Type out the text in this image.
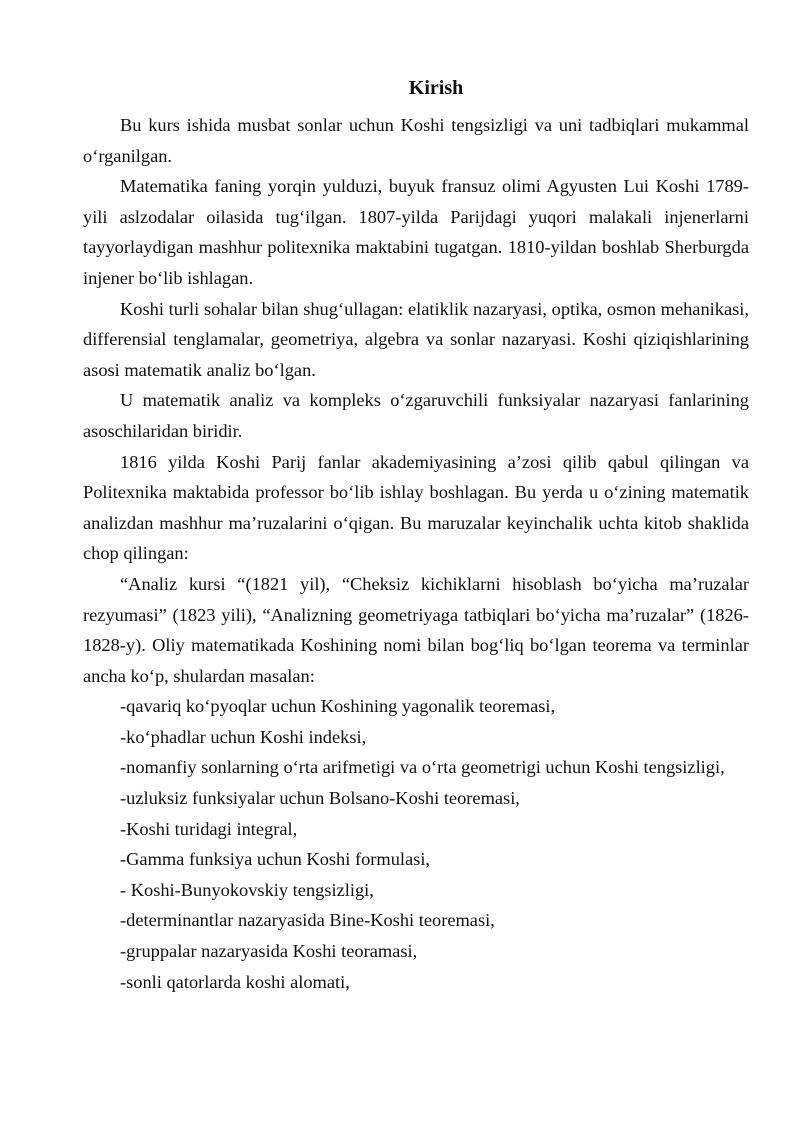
Kirish

Bu kurs ishida musbat sonlar uchun Koshi tengsizligi va uni tadbiqlari mukammal o‘rganilgan.

Matematika faning yorqin yulduzi, buyuk fransuz olimi Agyusten Lui Koshi 1789-yili aslzodalar oilasida tug‘ilgan. 1807-yilda Parijdagi yuqori malakali injenerlarni tayyorlaydigan mashhur politexnika maktabini tugatgan. 1810-yildan boshlab Sherburgda injener bo‘lib ishlagan.

Koshi turli sohalar bilan shug‘ullagan: elatiklik nazaryasi, optika, osmon mehanikasi, differensial tenglamalar, geometriya, algebra va sonlar nazaryasi. Koshi qiziqishlarining asosi matematik analiz bo‘lgan.

U matematik analiz va kompleks o‘zgaruvchili funksiyalar nazaryasi fanlarining asoschilaridan biridir.

1816 yilda Koshi Parij fanlar akademiyasining a’zosi qilib qabul qilingan va Politexnika maktabida professor bo‘lib ishlay boshlagan. Bu yerda u o‘zining matematik analizdan mashhur ma’ruzalarini o‘qigan. Bu maruzalar keyinchalik uchta kitob shaklida chop qilingan:

“Analiz kursi “(1821 yil), “Cheksiz kichiklarni hisoblash bo‘yicha ma’ruzalar rezyumasi” (1823 yili), “Analizning geometriyaga tatbiqlari bo‘yicha ma’ruzalar” (1826-1828-y). Oliy matematikada Koshining nomi bilan bog‘liq bo‘lgan teorema va terminlar ancha ko‘p, shulardan masalan:

-qavariq ko‘pyoqlar uchun Koshining yagonalik teoremasi,
-ko‘phadlar uchun Koshi indeksi,
-nomanfiy sonlarning o‘rta arifmetigi va o‘rta geometrigi uchun Koshi tengsizligi,
-uzluksiz funksiyalar uchun Bolsano-Koshi teoremasi,
-Koshi turidagi integral,
-Gamma funksiya uchun Koshi formulasi,
- Koshi-Bunyokovskiy tengsizligi,
-determinantlar nazaryasida Bine-Koshi teoremasi,
-gruppalar nazaryasida Koshi teoramasi,
-sonli qatorlarda koshi alomati,
